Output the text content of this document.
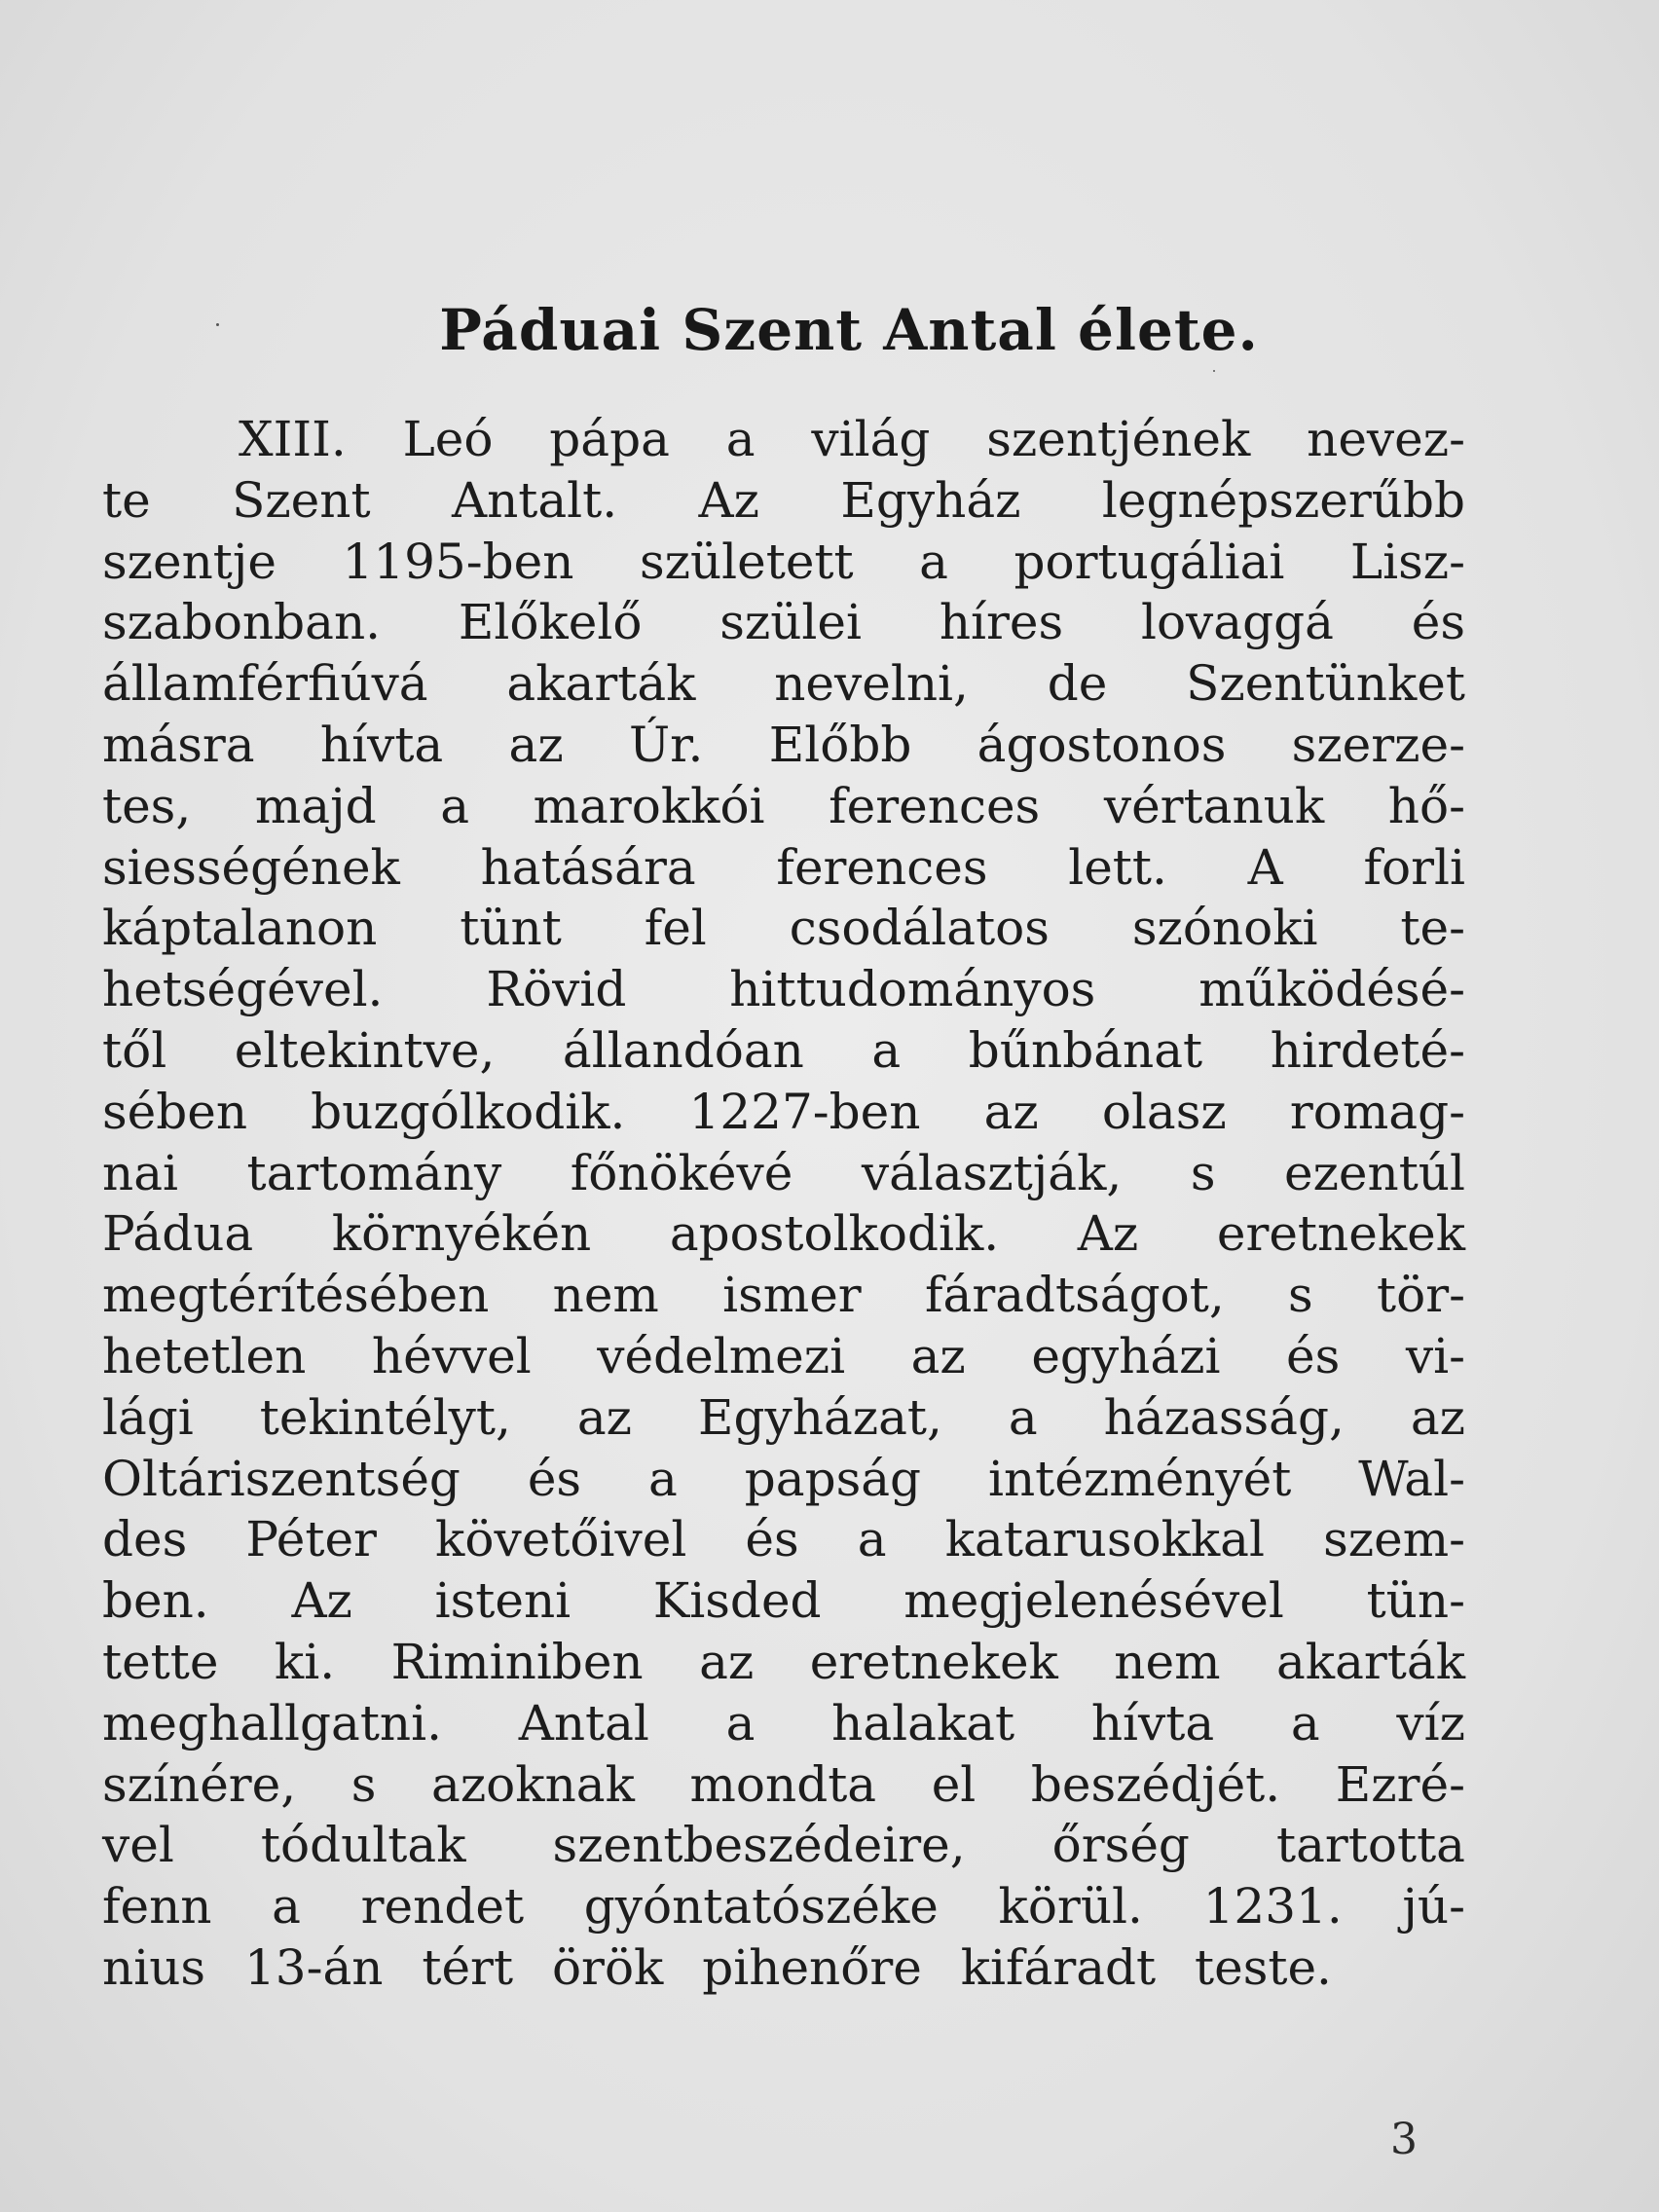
Páduai Szent Antal élete.
XIII. Leó pápa a világ szentjének nevez-
te Szent Antalt. Az Egyház legnépszerűbb
szentje 1195-ben született a portugáliai Lisz-
szabonban. Előkelő szülei híres lovaggá és
államférfiúvá akarták nevelni, de Szentünket
másra hívta az Úr. Előbb ágostonos szerze-
tes, majd a marokkói ferences vértanuk hő-
siességének hatására ferences lett. A forli
káptalanon tünt fel csodálatos szónoki te-
hetségével. Rövid hittudományos működésé-
től eltekintve, állandóan a bűnbánat hirdeté-
sében buzgólkodik. 1227-ben az olasz romag-
nai tartomány főnökévé választják, s ezentúl
Pádua környékén apostolkodik. Az eretnekek
megtérítésében nem ismer fáradtságot, s tör-
hetetlen hévvel védelmezi az egyházi és vi-
lági tekintélyt, az Egyházat, a házasság, az
Oltáriszentség és a papság intézményét Wal-
des Péter követőivel és a katarusokkal szem-
ben. Az isteni Kisded megjelenésével tün-
tette ki. Riminiben az eretnekek nem akarták
meghallgatni. Antal a halakat hívta a víz
színére, s azoknak mondta el beszédjét. Ezré-
vel tódultak szentbeszédeire, őrség tartotta
fenn a rendet gyóntatószéke körül. 1231. jú-
nius 13-án tért örök pihenőre kifáradt teste.
3
